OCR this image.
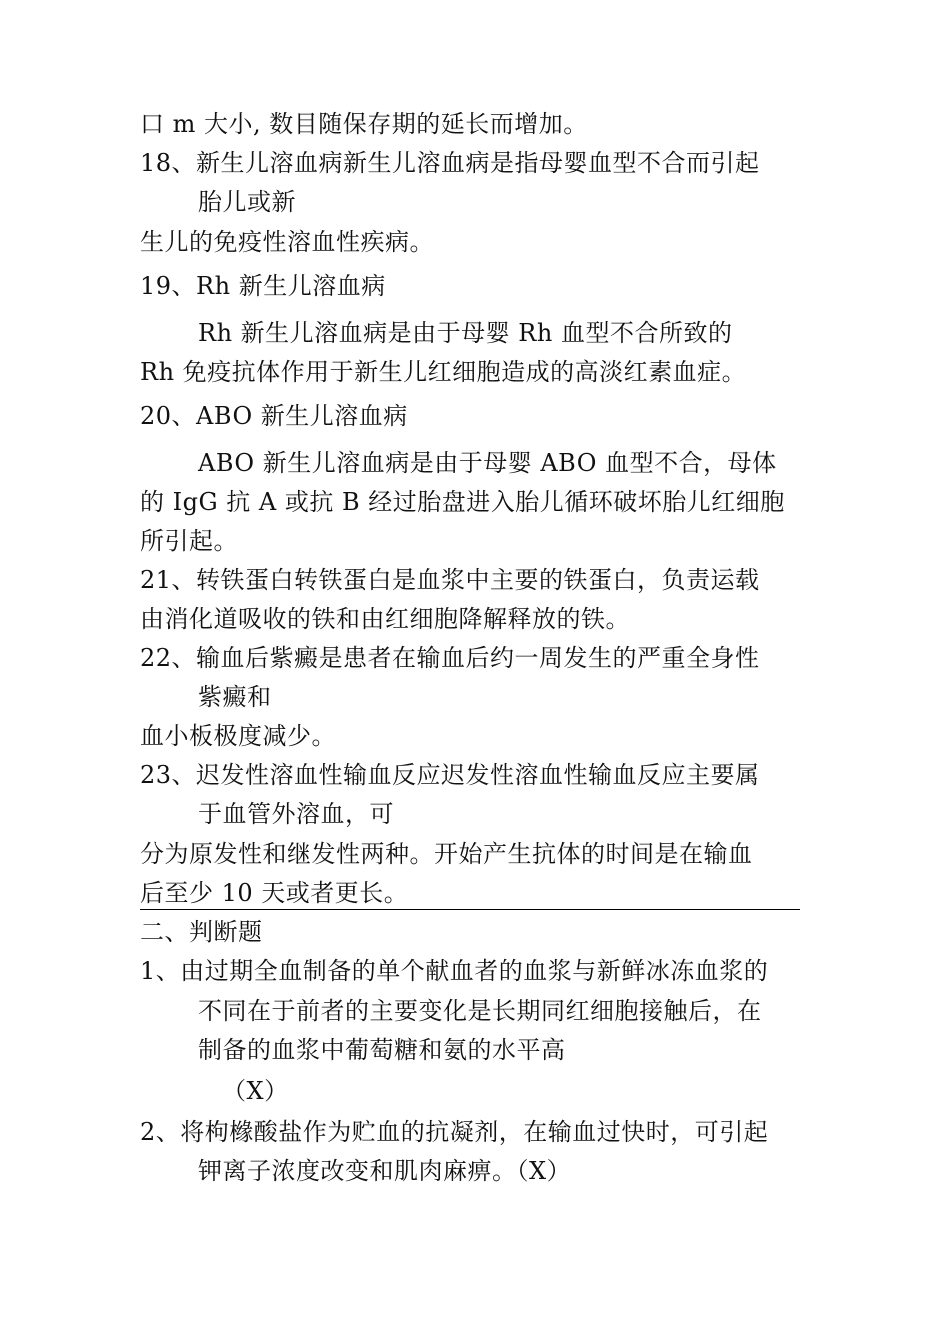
口 m 大小, 数目随保存期的延长而增加。
18、新生儿溶血病新生儿溶血病是指母婴血型不合而引起
胎儿或新
生儿的免疫性溶血性疾病。
19、Rh 新生儿溶血病
Rh 新生儿溶血病是由于母婴 Rh 血型不合所致的
Rh 免疫抗体作用于新生儿红细胞造成的高淡红素血症。
20、ABO 新生儿溶血病
ABO 新生儿溶血病是由于母婴 ABO 血型不合，母体
的 IgG 抗 A 或抗 B 经过胎盘进入胎儿循环破坏胎儿红细胞
所引起。
21、转铁蛋白转铁蛋白是血浆中主要的铁蛋白，负责运载
由消化道吸收的铁和由红细胞降解释放的铁。
22、输血后紫癜是患者在输血后约一周发生的严重全身性
紫癜和
血小板极度减少。
23、迟发性溶血性输血反应迟发性溶血性输血反应主要属
于血管外溶血，可
分为原发性和继发性两种。开始产生抗体的时间是在输血
后至少 10 天或者更长。
二、判断题
1、由过期全血制备的单个献血者的血浆与新鲜冰冻血浆的
不同在于前者的主要变化是长期同红细胞接触后，在
制备的血浆中葡萄糖和氨的水平高
（X）
2、将枸橼酸盐作为贮血的抗凝剂，在输血过快时，可引起
钾离子浓度改变和肌肉麻痹。（X）
